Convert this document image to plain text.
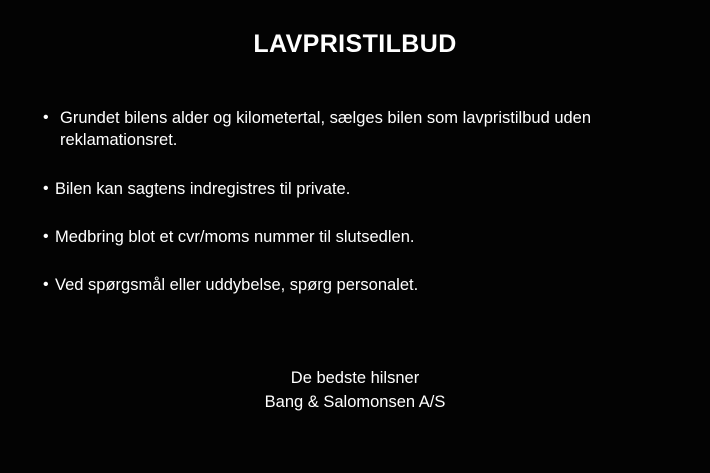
LAVPRISTILBUD
• Grundet bilens alder og kilometertal, sælges bilen som lavpristilbud uden reklamationsret.
• Bilen kan sagtens indregistres til private.
• Medbring blot et cvr/moms nummer til slutsedlen.
• Ved spørgsmål eller uddybelse, spørg personalet.
De bedste hilsner
Bang & Salomonsen A/S
